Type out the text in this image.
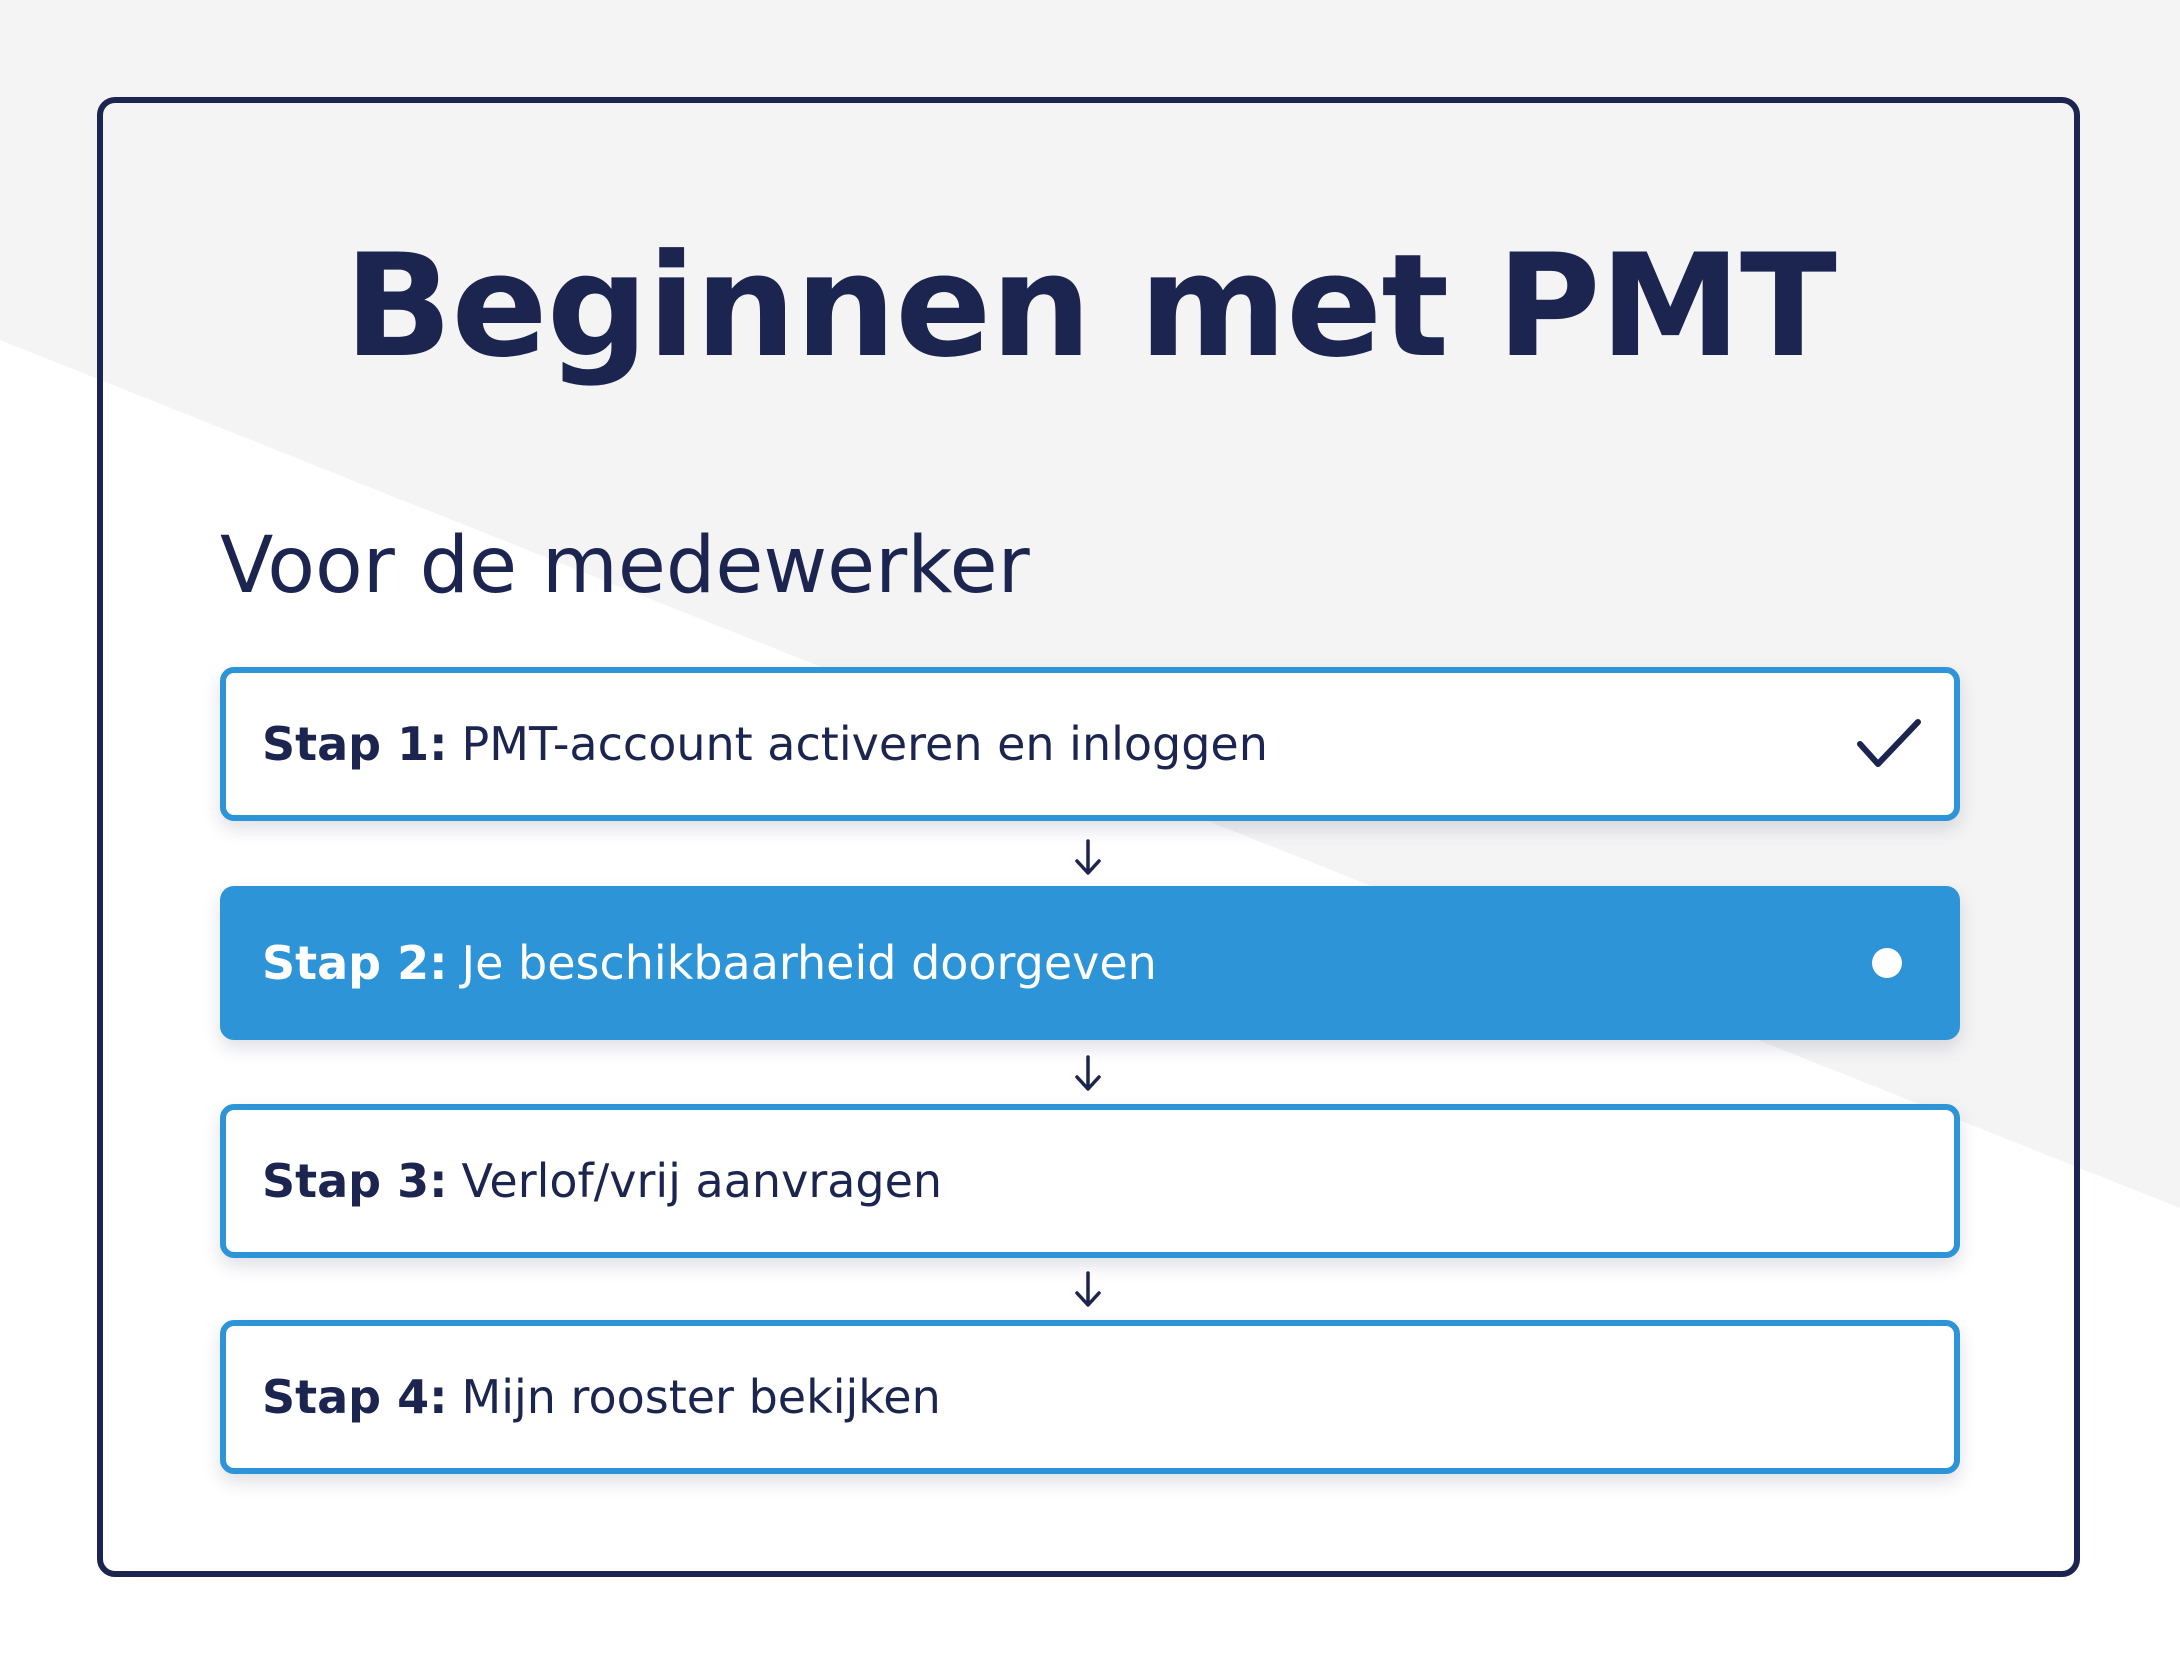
Beginnen met PMT
Voor de medewerker
Stap 1: PMT-account activeren en inloggen
Stap 2: Je beschikbaarheid doorgeven
Stap 3: Verlof/vrij aanvragen
Stap 4: Mijn rooster bekijken
